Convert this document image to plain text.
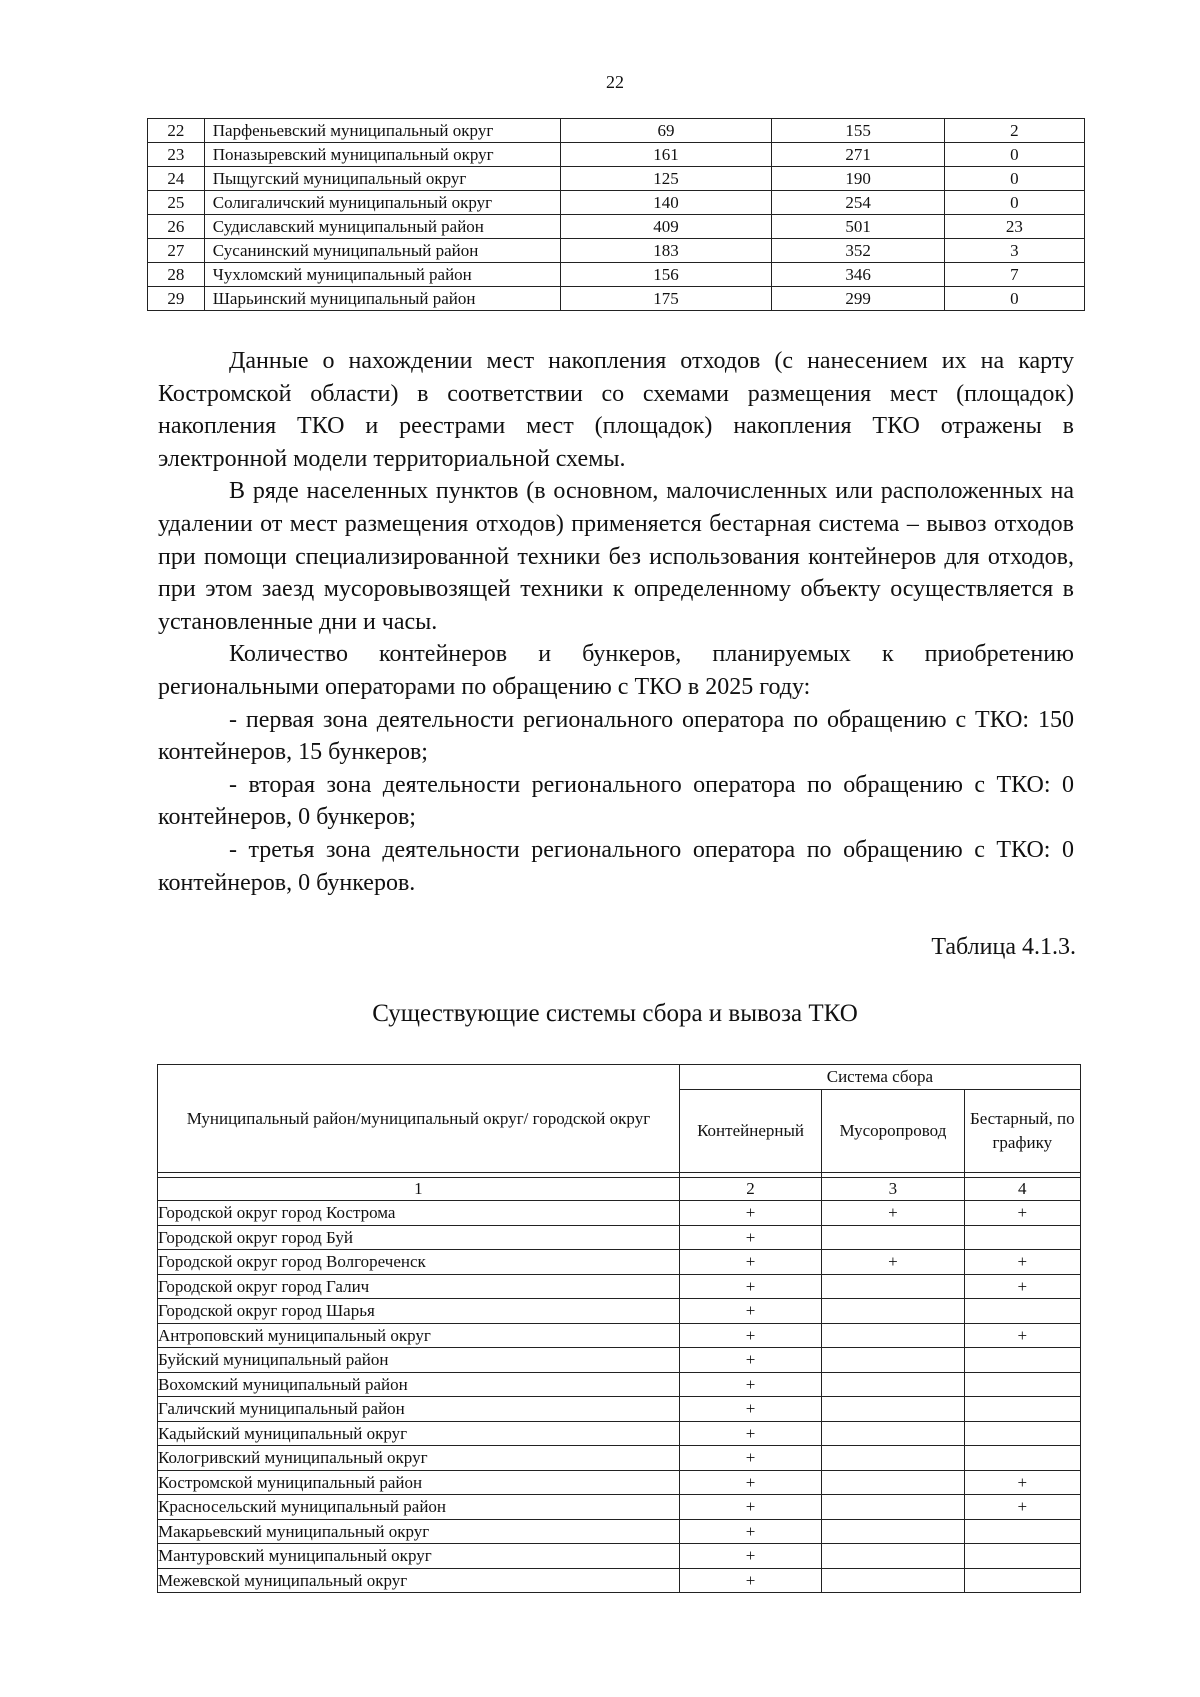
22
22	Парфеньевский муниципальный округ	69	155	2
23	Поназыревский муниципальный округ	161	271	0
24	Пыщугский муниципальный округ	125	190	0
25	Солигаличский муниципальный округ	140	254	0
26	Судиславский муниципальный район	409	501	23
27	Сусанинский муниципальный район	183	352	3
28	Чухломский муниципальный район	156	346	7
29	Шарьинский муниципальный район	175	299	0

Данные о нахождении мест накопления отходов (с нанесением их на карту Костромской области) в соответствии со схемами размещения мест (площадок) накопления ТКО и реестрами мест (площадок) накопления ТКО отражены в электронной модели территориальной схемы.

В ряде населенных пунктов (в основном, малочисленных или расположенных на удалении от мест размещения отходов) применяется бестарная система – вывоз отходов при помощи специализированной техники без использования контейнеров для отходов, при этом заезд мусоровывозящей техники к определенному объекту осуществляется в установленные дни и часы.

Количество контейнеров и бункеров, планируемых к приобретению региональными операторами по обращению с ТКО в 2025 году:

- первая зона деятельности регионального оператора по обращению с ТКО: 150 контейнеров, 15 бункеров;

- вторая зона деятельности регионального оператора по обращению с ТКО: 0 контейнеров, 0 бункеров;

- третья зона деятельности регионального оператора по обращению с ТКО: 0 контейнеров, 0 бункеров.

Таблица 4.1.3.
Существующие системы сбора и вывоза ТКО
Муниципальный район/муниципальный округ/ городской округ	Система сбора		
	Контейнерный	Мусоропровод	Бестарный, по графику

1	2	3	4
Городской округ город Кострома	+	+	+
Городской округ город Буй	+		
Городской округ город Волгореченск	+	+	+
Городской округ город Галич	+		+
Городской округ город Шарья	+		
Антроповский муниципальный округ	+		+
Буйский муниципальный район	+		
Вохомский муниципальный район	+		
Галичский муниципальный район	+		
Кадыйский муниципальный округ	+		
Кологривский муниципальный округ	+		
Костромской муниципальный район	+		+
Красносельский муниципальный район	+		+
Макарьевский муниципальный округ	+		
Мантуровский муниципальный округ	+		
Межевской муниципальный округ	+		
